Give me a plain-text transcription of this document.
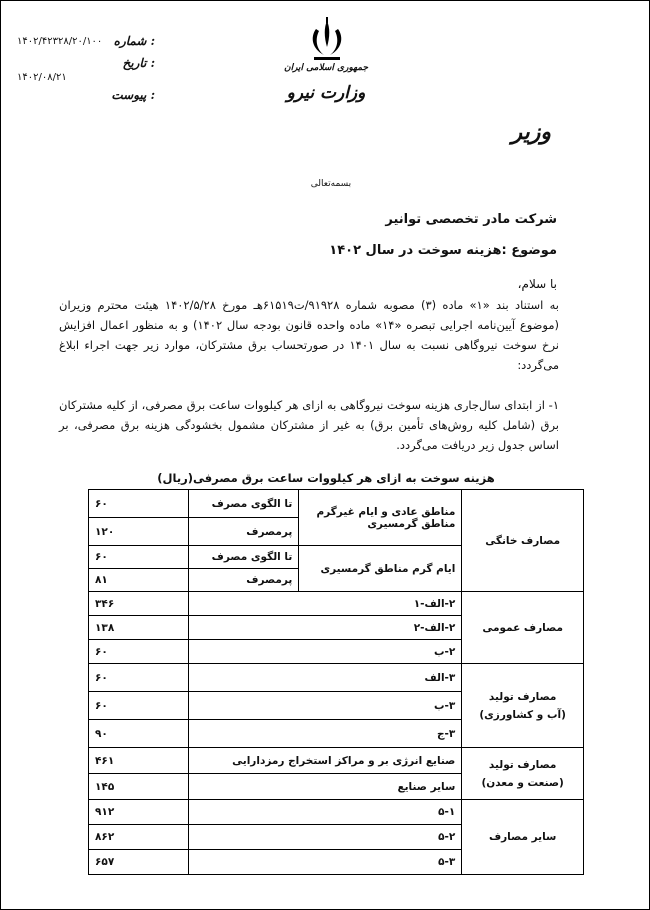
شماره :
۱۴۰۲/۴۲۳۲۸/۲۰/۱۰۰
تاریخ :
۱۴۰۲/۰۸/۲۱
پیوست :
جمهوری اسلامی ایران
وزارت نیرو
وزیر
بسمه‌تعالی
شرکت مادر تخصصی توانیر
موضوع :هزینه سوخت در سال ۱۴۰۲
با سلام،
به استناد بند «۱» ماده (۳) مصوبه شماره ۹۱۹۲۸/ت۶۱۵۱۹هـ مورخ ۱۴۰۲/۵/۲۸ هیئت محترم وزیران (موضوع آیین‌نامه اجرایی تبصره «۱۴» ماده واحده قانون بودجه سال ۱۴۰۲) و به منظور اعمال افزایش نرخ سوخت نیروگاهی نسبت به سال ۱۴۰۱ در صورتحساب برق مشترکان، موارد زیر جهت اجراء ابلاغ می‌گردد:
۱- از ابتدای سال‌جاری هزینه سوخت نیروگاهی به ازای هر کیلووات ساعت برق مصرفی، از کلیه مشترکان برق (شامل کلیه روش‌های تأمین برق) به غیر از مشترکان مشمول بخشودگی هزینه برق مصرفی، بر اساس جدول زیر دریافت می‌گردد.
هزینه سوخت به ازای هر کیلووات ساعت برق مصرفی(ریال)
مصارف خانگی	مناطق عادی و ایام غیرگرم مناطق گرمسیری	تا الگوی مصرف	۶۰
		پرمصرف	۱۲۰
	ایام گرم مناطق گرمسیری	تا الگوی مصرف	۶۰
		پرمصرف	۸۱
مصارف عمومی	۲-الف-۱		۳۴۶
	۲-الف-۲		۱۳۸
	۲-ب		۶۰

مصارف تولید
(آب و کشاورزی)	۳-الف		۶۰
	۳-ب		۶۰
	۳-ج		۹۰

مصارف تولید
(صنعت و معدن)	صنایع انرژی بر و مراکز استخراج رمزدارایی		۴۶۱
	سایر صنایع		۱۴۵
سایر مصارف	۵-۱		۹۱۲
	۵-۲		۸۶۲
	۵-۳		۶۵۷
